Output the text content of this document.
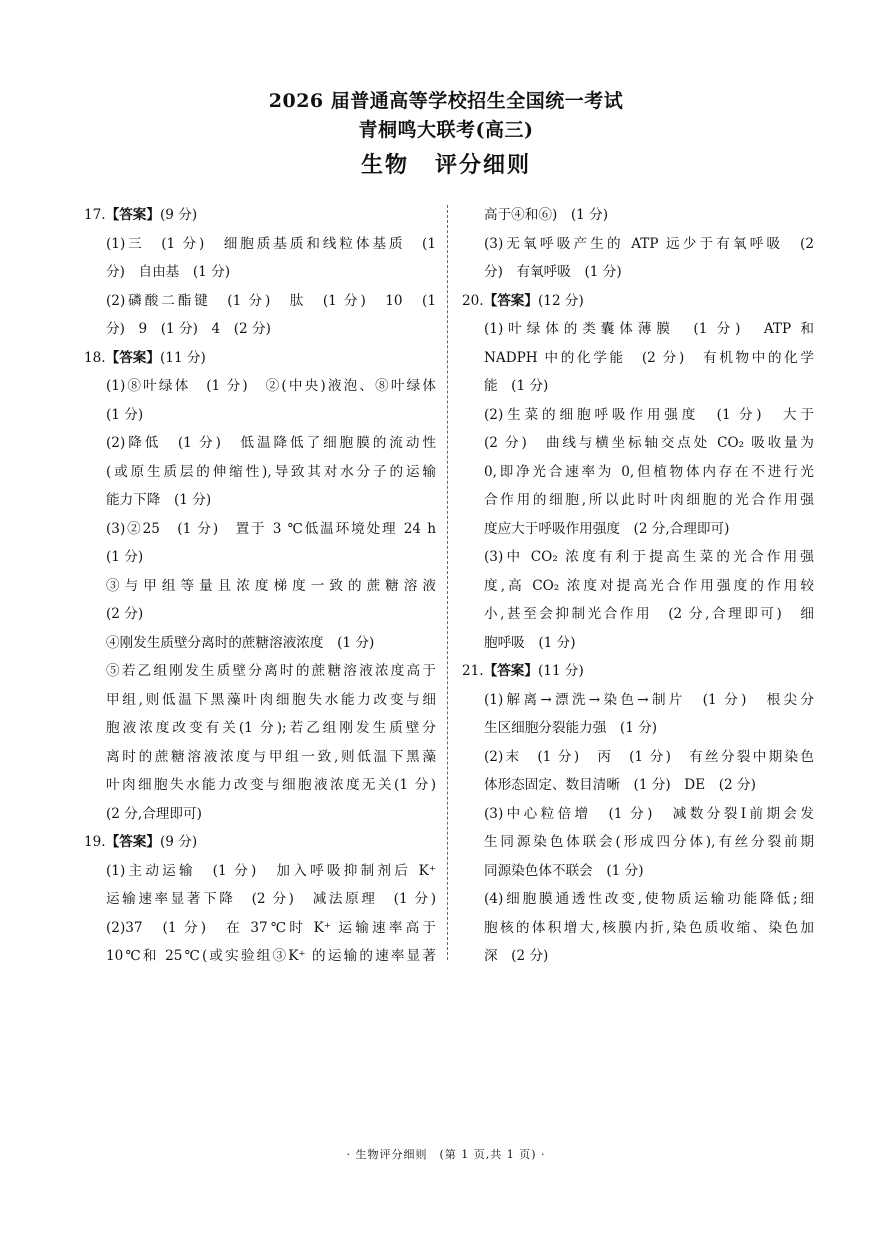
2026 届普通高等学校招生全国统一考试
青桐鸣大联考(高三)
生物 评分细则
17.【答案】(9 分)
(1)三　(1 分)　细胞质基质和线粒体基质　(1
分)　自由基　(1 分)
(2)磷酸二酯键　(1 分)　肽　(1 分)　10　(1
分)　9　(1 分)　4　(2 分)
18.【答案】(11 分)
(1)⑧叶绿体　(1 分)　②(中央)液泡、⑧叶绿体
(1 分)
(2)降低　(1 分)　低温降低了细胞膜的流动性
(或原生质层的伸缩性),导致其对水分子的运输
能力下降　(1 分)
(3)②25　(1 分)　置于 3 ℃低温环境处理 24 h
(1 分)
③与甲组等量且浓度梯度一致的蔗糖溶液
(2 分)
④刚发生质壁分离时的蔗糖溶液浓度　(1 分)
⑤若乙组刚发生质壁分离时的蔗糖溶液浓度高于
甲组,则低温下黑藻叶肉细胞失水能力改变与细
胞液浓度改变有关(1 分);若乙组刚发生质壁分
离时的蔗糖溶液浓度与甲组一致,则低温下黑藻
叶肉细胞失水能力改变与细胞液浓度无关(1 分)
(2 分,合理即可)
19.【答案】(9 分)
(1)主动运输　(1 分)　加入呼吸抑制剂后 K⁺
运输速率显著下降　(2 分)　减法原理　(1 分)
(2)37　(1 分)　在 37℃时 K⁺ 运输速率高于
10℃和 25℃(或实验组③K⁺ 的运输的速率显著
高于④和⑥)　(1 分)
(3)无氧呼吸产生的 ATP 远少于有氧呼吸　(2
分)　有氧呼吸　(1 分)
20.【答案】(12 分)
(1)叶绿体的类囊体薄膜　(1 分)　ATP 和
NADPH 中的化学能　(2 分)　有机物中的化学
能　(1 分)
(2)生菜的细胞呼吸作用强度　(1 分)　大于
(2 分)　曲线与横坐标轴交点处 CO₂ 吸收量为
0,即净光合速率为 0,但植物体内存在不进行光
合作用的细胞,所以此时叶肉细胞的光合作用强
度应大于呼吸作用强度　(2 分,合理即可)
(3)中 CO₂ 浓度有利于提高生菜的光合作用强
度,高 CO₂ 浓度对提高光合作用强度的作用较
小,甚至会抑制光合作用　(2 分,合理即可)　细
胞呼吸　(1 分)
21.【答案】(11 分)
(1)解离→漂洗→染色→制片　(1 分)　根尖分
生区细胞分裂能力强　(1 分)
(2)末　(1 分)　丙　(1 分)　有丝分裂中期染色
体形态固定、数目清晰　(1 分)　DE　(2 分)
(3)中心粒倍增　(1 分)　减数分裂Ⅰ前期会发
生同源染色体联会(形成四分体),有丝分裂前期
同源染色体不联会　(1 分)
(4)细胞膜通透性改变,使物质运输功能降低;细
胞核的体积增大,核膜内折,染色质收缩、染色加
深　(2 分)
· 生物评分细则　(第 1 页,共 1 页) ·
